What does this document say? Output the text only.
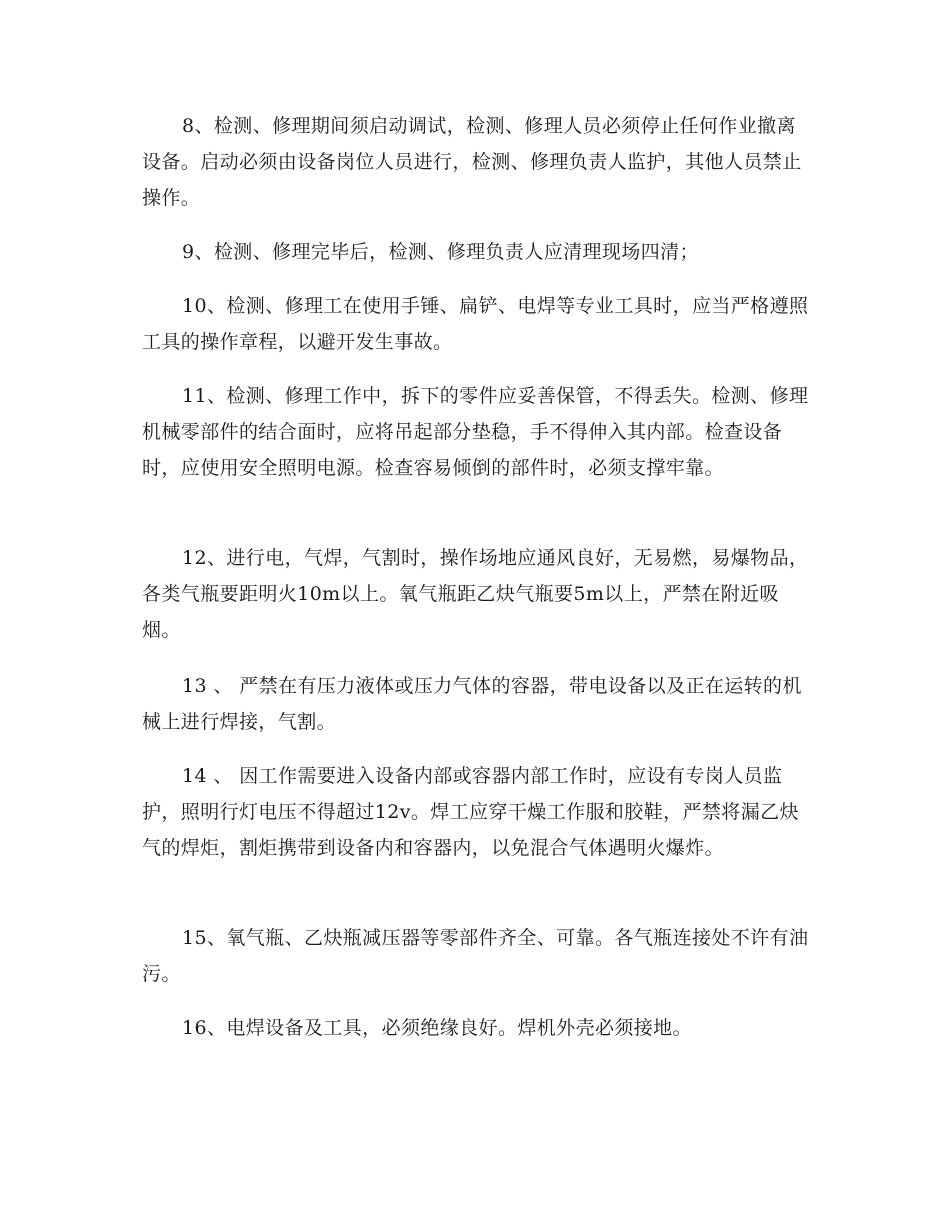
8、检测、修理期间须启动调试，检测、修理人员必须停止任何作业撤离设备。启动必须由设备岗位人员进行，检测、修理负责人监护，其他人员禁止操作。

9、检测、修理完毕后，检测、修理负责人应清理现场四清；

10、检测、修理工在使用手锤、扁铲、电焊等专业工具时，应当严格遵照工具的操作章程，以避开发生事故。

11、检测、修理工作中，拆下的零件应妥善保管，不得丢失。检测、修理机械零部件的结合面时，应将吊起部分垫稳，手不得伸入其内部。检查设备时，应使用安全照明电源。检查容易倾倒的部件时，必须支撑牢靠。

12、进行电，气焊，气割时，操作场地应通风良好，无易燃，易爆物品，各类气瓶要距明火10m以上。氧气瓶距乙炔气瓶要5m以上，严禁在附近吸烟。

13 、 严禁在有压力液体或压力气体的容器，带电设备以及正在运转的机械上进行焊接，气割。

14 、 因工作需要进入设备内部或容器内部工作时，应设有专岗人员监护，照明行灯电压不得超过12v。焊工应穿干燥工作服和胶鞋，严禁将漏乙炔气的焊炬，割炬携带到设备内和容器内，以免混合气体遇明火爆炸。

15、氧气瓶、乙炔瓶减压器等零部件齐全、可靠。各气瓶连接处不许有油污。

16、电焊设备及工具，必须绝缘良好。焊机外壳必须接地。
